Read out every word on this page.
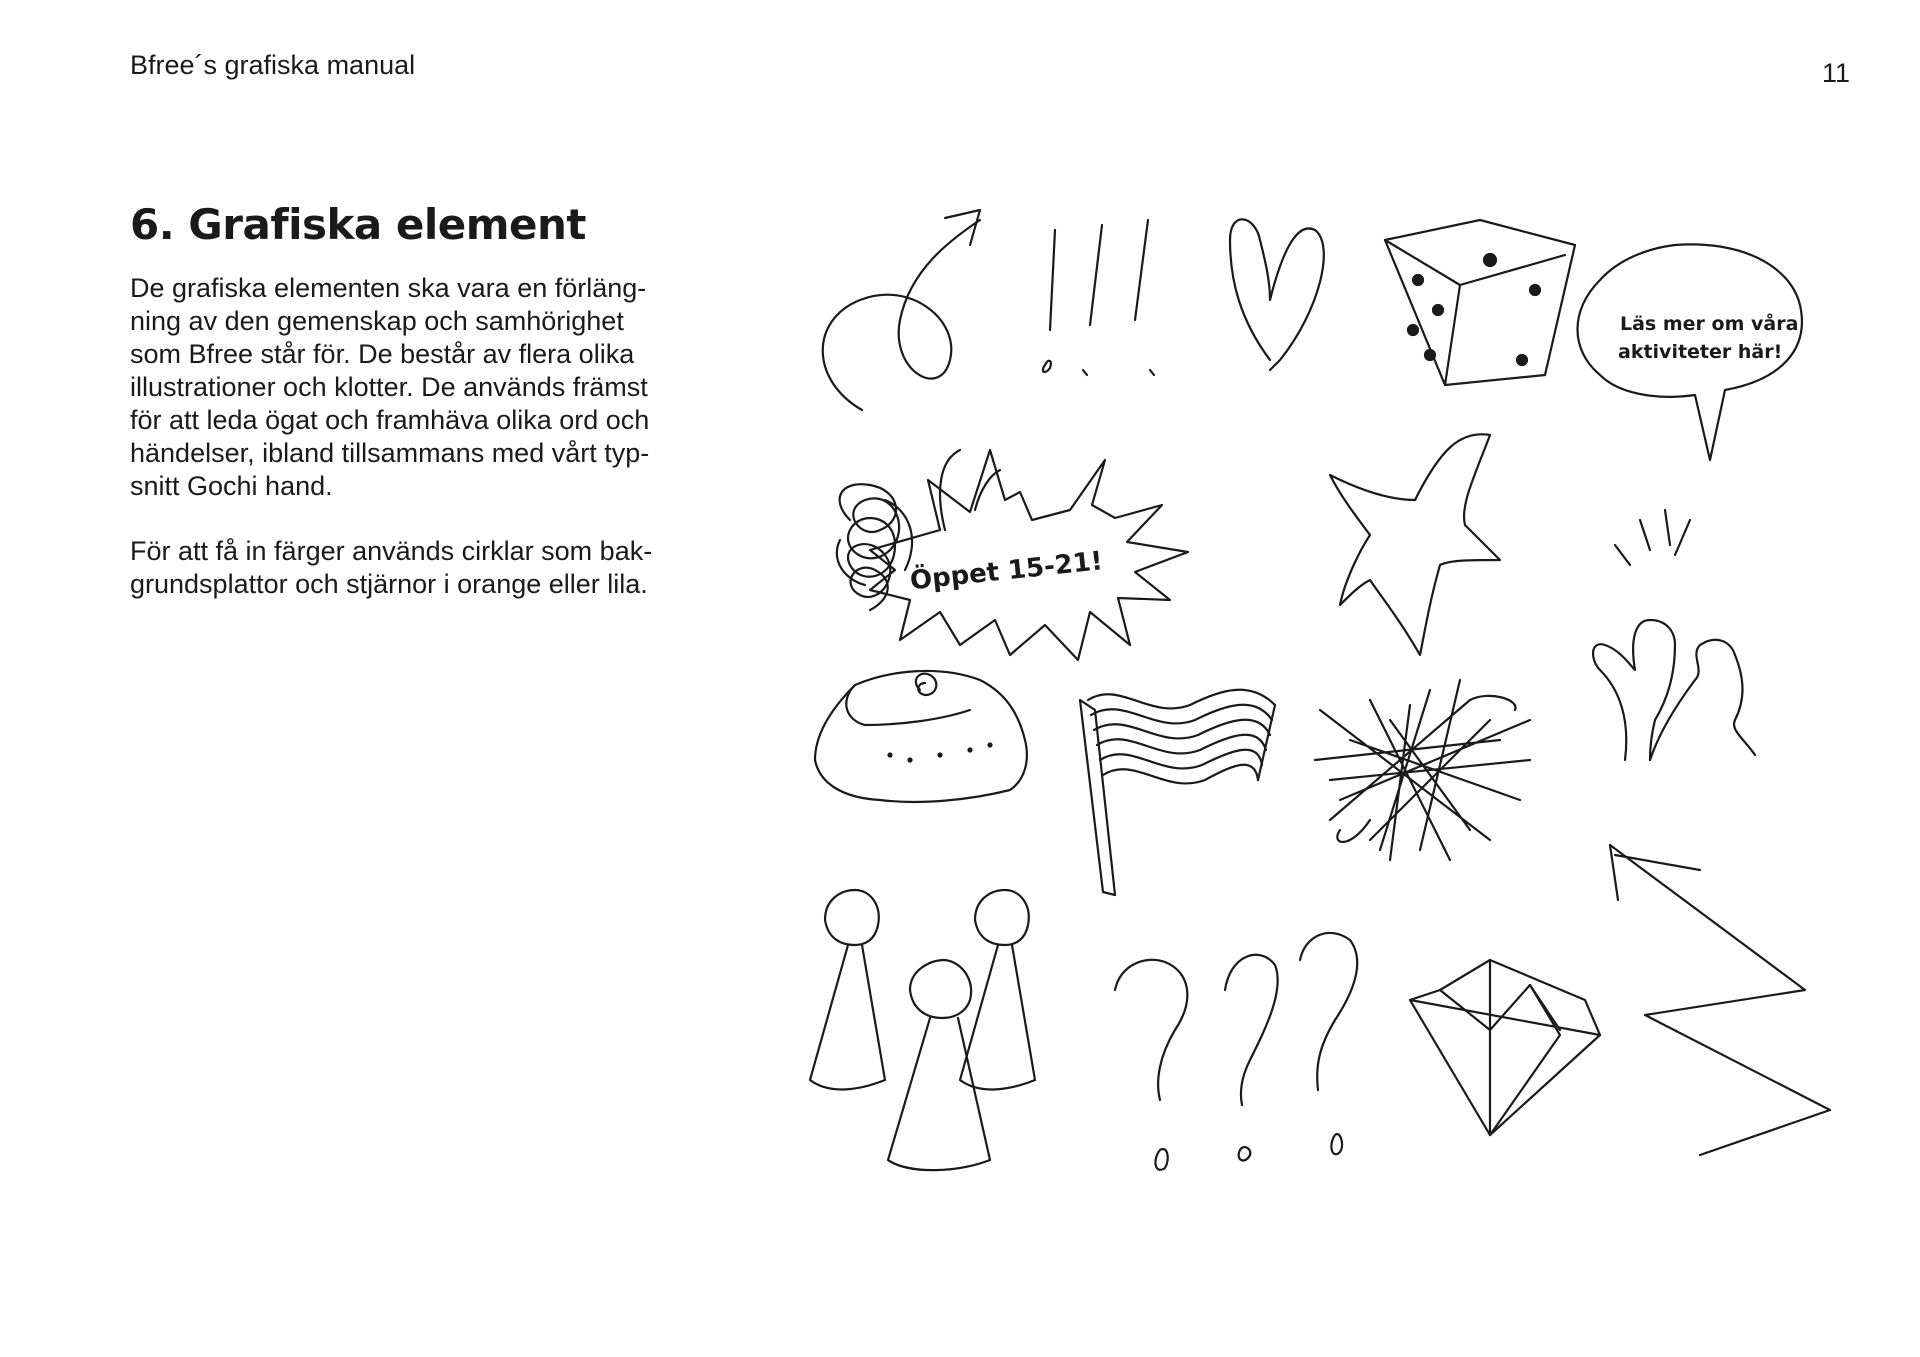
Bfree´s grafiska manual	11
6. Grafiska element

De grafiska elementen ska vara en förläng-
ning av den gemenskap och samhörighet
som Bfree står för. De består av flera olika
illustrationer och klotter. De används främst
för att leda ögat och framhäva olika ord och
händelser, ibland tillsammans med vårt typ-
snitt Gochi hand.

För att få in färger används cirklar som bak-
grundsplattor och stjärnor i orange eller lila.

Läs mer om våra
aktiviteter här!
Öppet 15-21!
